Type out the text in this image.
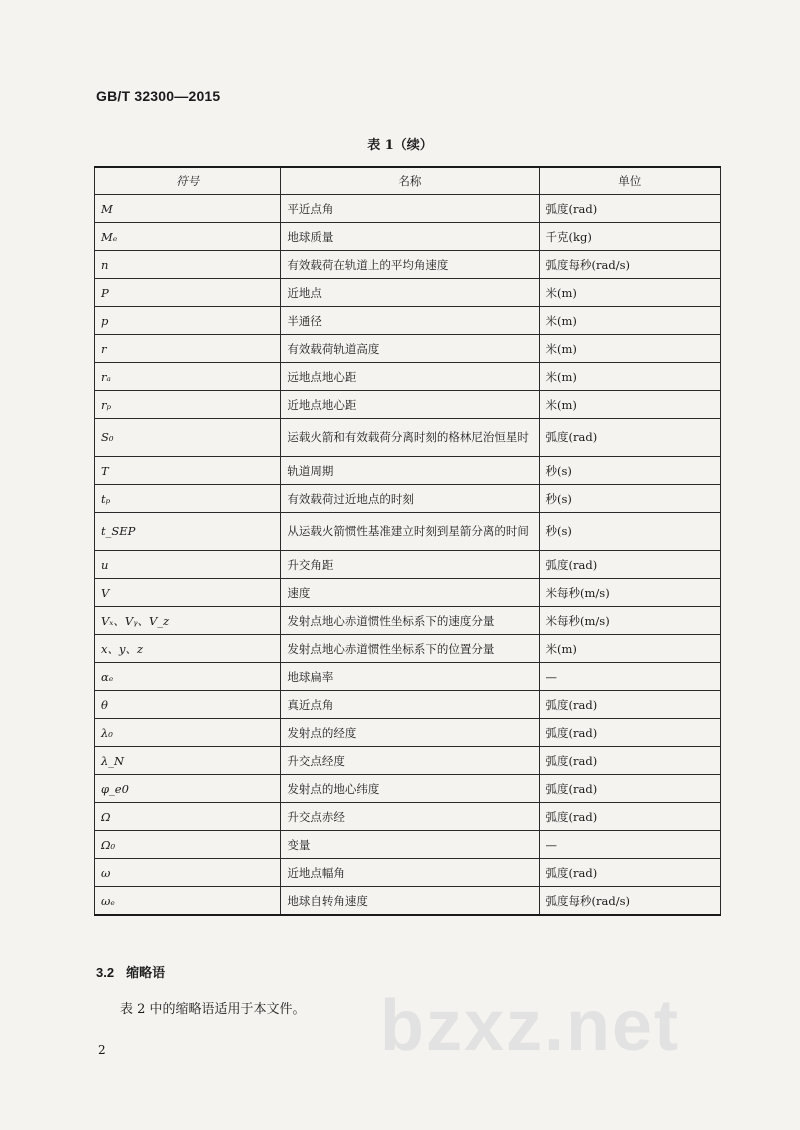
GB/T 32300—2015
表 1（续）
符号	名称	单位
M	平近点角	弧度(rad)
Mₑ	地球质量	千克(kg)
n	有效载荷在轨道上的平均角速度	弧度每秒(rad/s)
P	近地点	米(m)
p	半通径	米(m)
r	有效载荷轨道高度	米(m)
rₐ	远地点地心距	米(m)
rₚ	近地点地心距	米(m)
S₀	运载火箭和有效载荷分离时刻的格林尼治恒星时	弧度(rad)
T	轨道周期	秒(s)
tₚ	有效载荷过近地点的时刻	秒(s)
t_SEP	从运载火箭惯性基准建立时刻到星箭分离的时间	秒(s)
u	升交角距	弧度(rad)
V	速度	米每秒(m/s)
Vₓ、Vᵧ、V_z	发射点地心赤道惯性坐标系下的速度分量	米每秒(m/s)
x、y、z	发射点地心赤道惯性坐标系下的位置分量	米(m)
αₑ	地球扁率	—
θ	真近点角	弧度(rad)
λ₀	发射点的经度	弧度(rad)
λ_N	升交点经度	弧度(rad)
φ_e0	发射点的地心纬度	弧度(rad)
Ω	升交点赤经	弧度(rad)
Ω₀	变量	—
ω	近地点幅角	弧度(rad)
ωₑ	地球自转角速度	弧度每秒(rad/s)
3.2 缩略语
表 2 中的缩略语适用于本文件。
2	bzxz.net
